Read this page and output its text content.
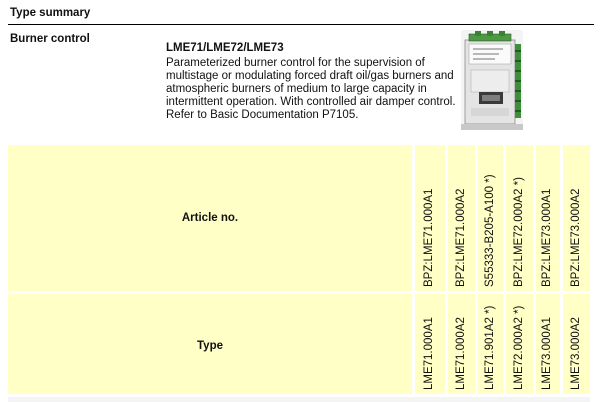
Type summary
Burner control
LME71/LME72/LME73
Parameterized burner control for the supervision of multistage or modulating forced draft oil/gas burners and atmospheric burners of medium to large capacity in intermittent operation. With controlled air damper control. Refer to Basic Documentation P7105.
Article no.	BPZ:LME71.000A1 BPZ:LME71.000A2 S55333-B205-A100 *) BPZ:LME72.000A2 *) BPZ:LME73.000A1 BPZ:LME73.000A2
Type	LME71.000A1 LME71.000A2 LME71.901A2 *) LME72.000A2 *) LME73.000A1 LME73.000A2
